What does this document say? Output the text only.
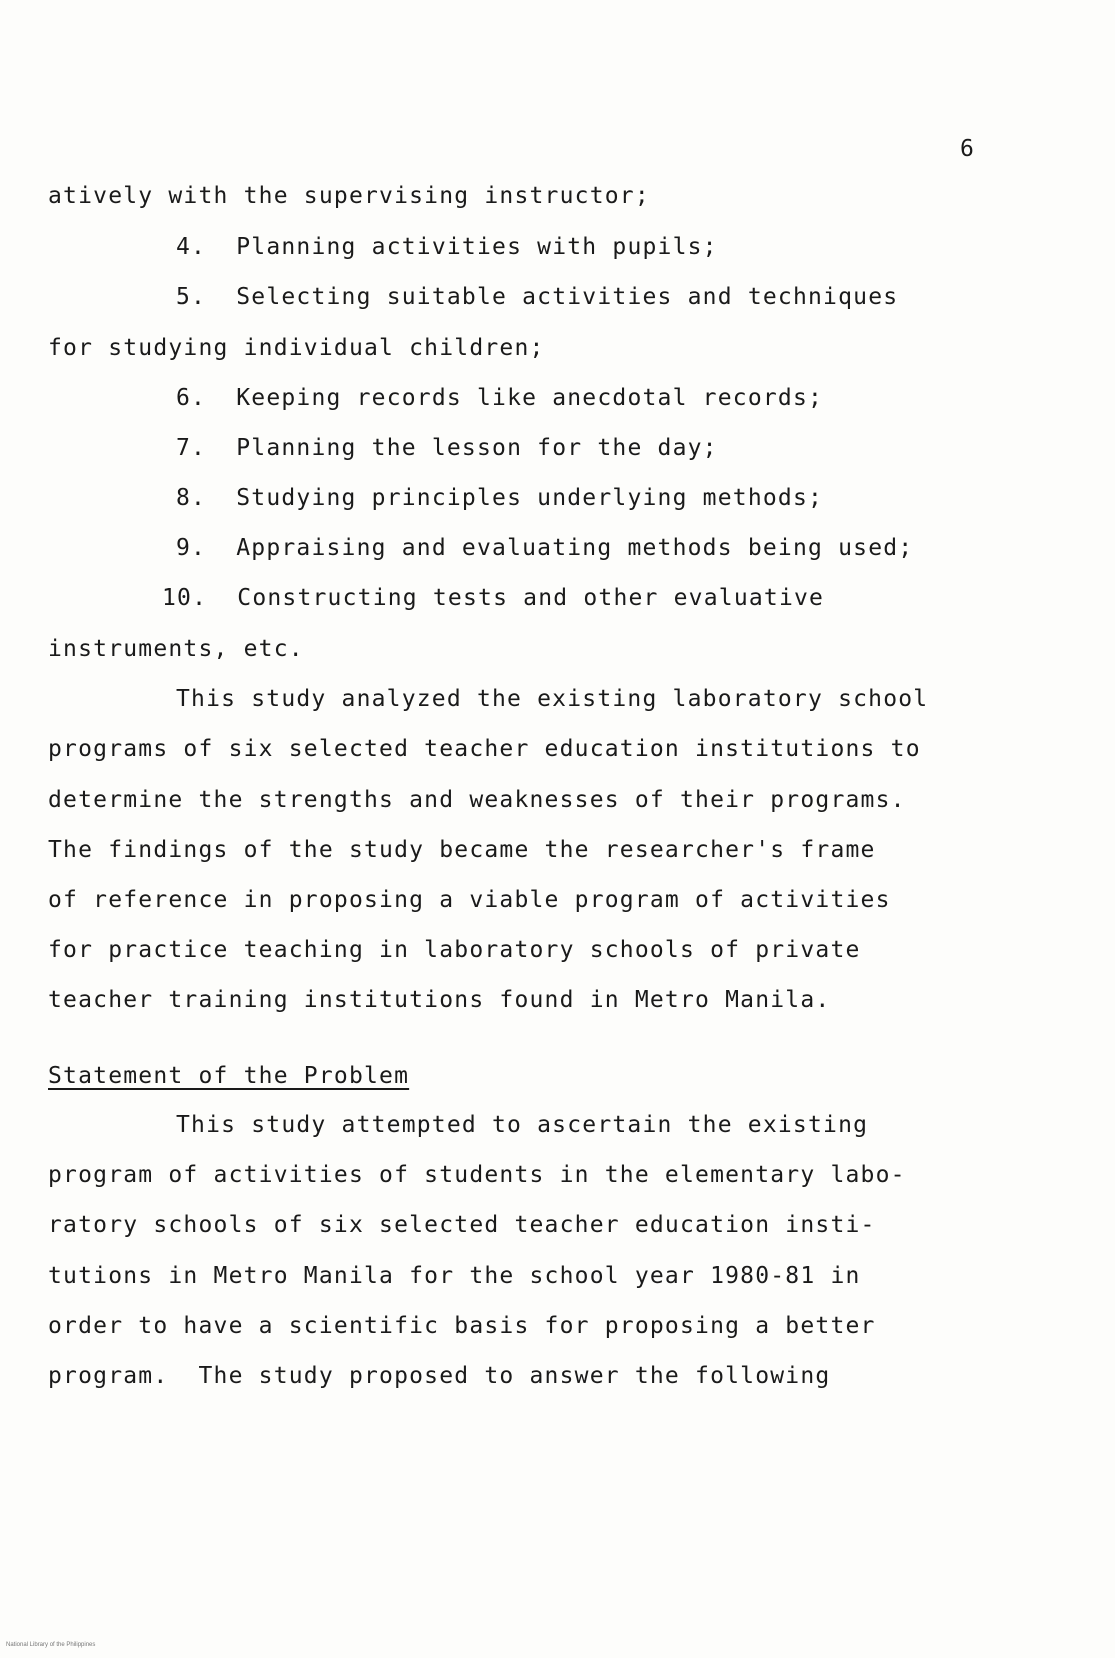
6
atively with the supervising instructor;
4. Planning activities with pupils;
5. Selecting suitable activities and techniques
for studying individual children;
6. Keeping records like anecdotal records;
7. Planning the lesson for the day;
8. Studying principles underlying methods;
9. Appraising and evaluating methods being used;
10. Constructing tests and other evaluative
instruments, etc.
This study analyzed the existing laboratory school
programs of six selected teacher education institutions to
determine the strengths and weaknesses of their programs.
The findings of the study became the researcher's frame
of reference in proposing a viable program of activities
for practice teaching in laboratory schools of private
teacher training institutions found in Metro Manila.
Statement of the Problem
This study attempted to ascertain the existing
program of activities of students in the elementary labo-
ratory schools of six selected teacher education insti-
tutions in Metro Manila for the school year 1980-81 in
order to have a scientific basis for proposing a better
program.  The study proposed to answer the following
National Library of the Philippines
